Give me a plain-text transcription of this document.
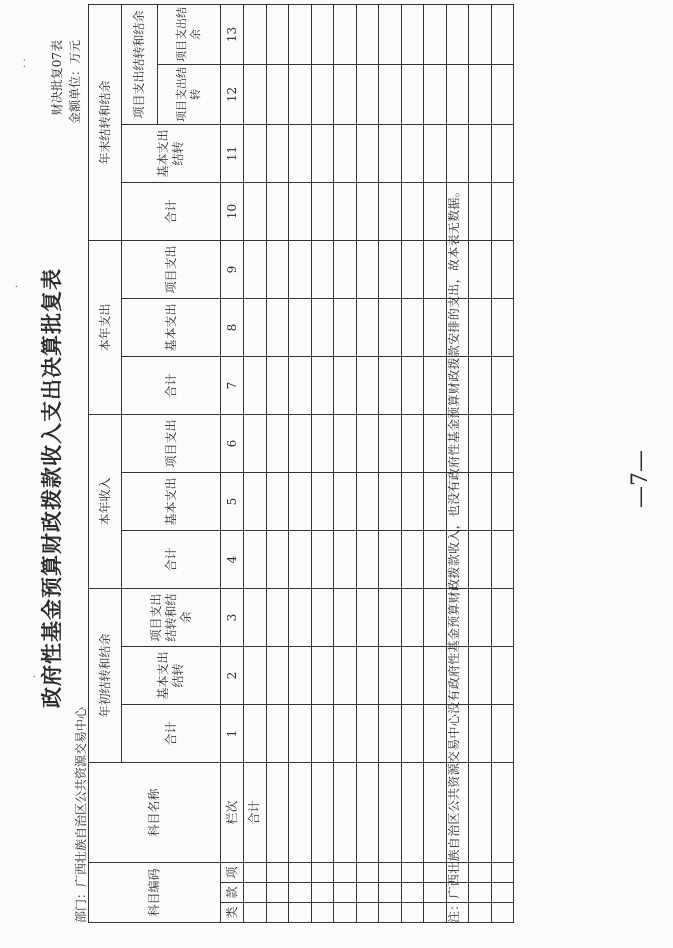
政府性基金预算财政拨款收入支出决算批复表
财决批复07表 金额单位：万元
部门：广西壮族自治区公共资源交易中心	科目编码			科目名称	年初结转和结余			本年收入			本年支出			年末结转和结余			
				合计	基本支出结转	项目支出结转和结余	合计	基本支出	项目支出	合计	基本支出	项目支出	合计	基本支出结转	项目支出结转和结余	
															项目支出结转	项目支出结余
类	款	项	栏次	1	2	3	4	5	6	7	8	9	10	11	12	13
			合计													

																	注：广西壮族自治区公共资源交易中心没有政府性基金预算财政拨款收入，也没有政府性基金预算财政拨款安排的支出，故本表无数据。	—7—
·
·
· ·
